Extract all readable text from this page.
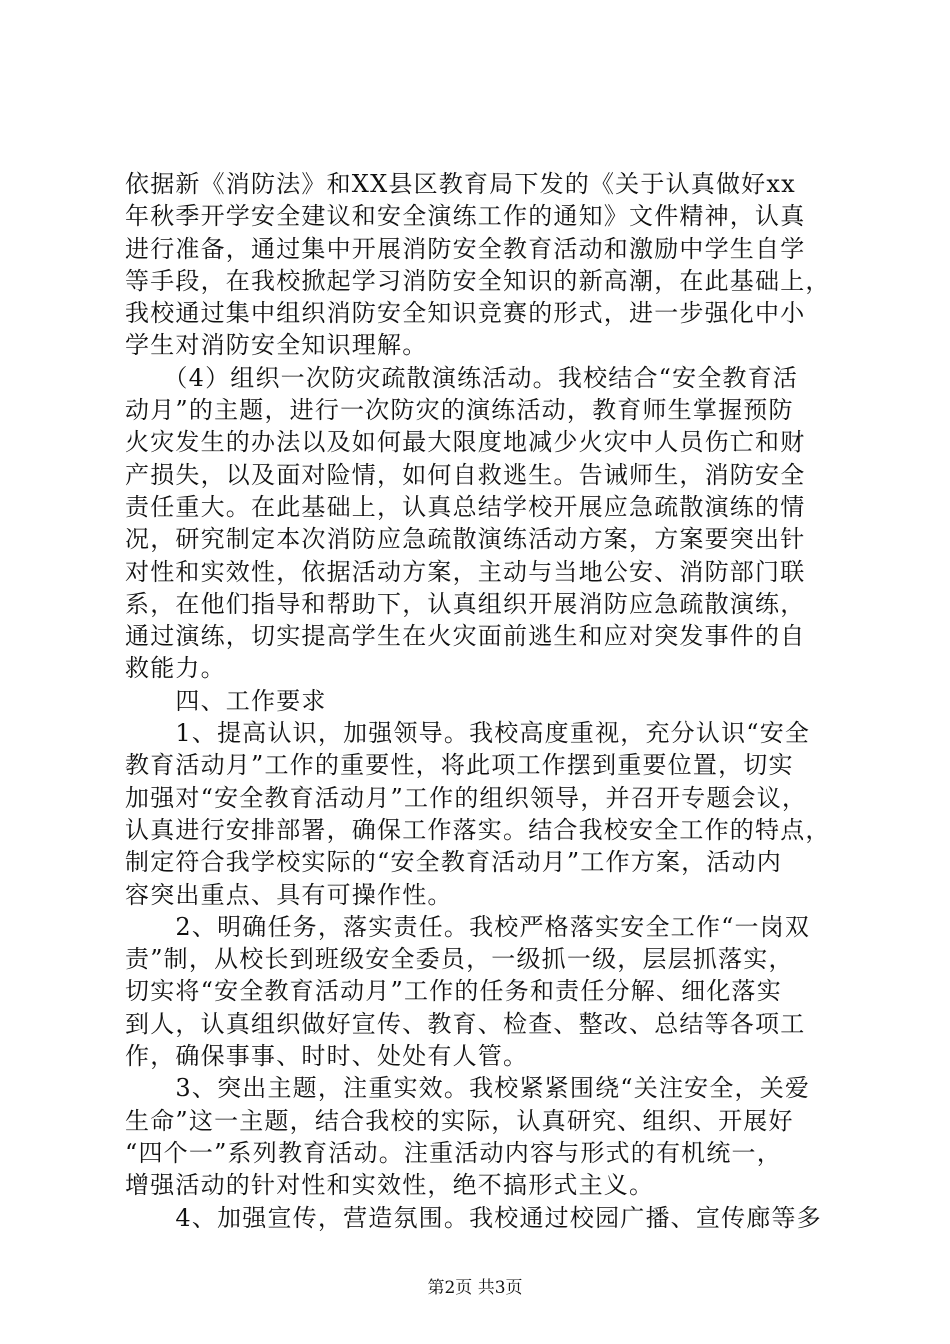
依据新《消防法》和XX县区教育局下发的《关于认真做好xx
年秋季开学安全建议和安全演练工作的通知》文件精神，认真
进行准备，通过集中开展消防安全教育活动和激励中学生自学
等手段，在我校掀起学习消防安全知识的新高潮，在此基础上，
我校通过集中组织消防安全知识竞赛的形式，进一步强化中小
学生对消防安全知识理解。
　　（4）组织一次防灾疏散演练活动。我校结合“安全教育活
动月”的主题，进行一次防灾的演练活动，教育师生掌握预防
火灾发生的办法以及如何最大限度地减少火灾中人员伤亡和财
产损失，以及面对险情，如何自救逃生。告诫师生，消防安全
责任重大。在此基础上，认真总结学校开展应急疏散演练的情
况，研究制定本次消防应急疏散演练活动方案，方案要突出针
对性和实效性，依据活动方案，主动与当地公安、消防部门联
系，在他们指导和帮助下，认真组织开展消防应急疏散演练，
通过演练，切实提高学生在火灾面前逃生和应对突发事件的自
救能力。
　　四、工作要求
　　1、提高认识，加强领导。我校高度重视，充分认识“安全
教育活动月”工作的重要性，将此项工作摆到重要位置，切实
加强对“安全教育活动月”工作的组织领导，并召开专题会议，
认真进行安排部署，确保工作落实。结合我校安全工作的特点，
制定符合我学校实际的“安全教育活动月”工作方案，活动内
容突出重点、具有可操作性。
　　2、明确任务，落实责任。我校严格落实安全工作“一岗双
责”制，从校长到班级安全委员，一级抓一级，层层抓落实，
切实将“安全教育活动月”工作的任务和责任分解、细化落实
到人，认真组织做好宣传、教育、检查、整改、总结等各项工
作，确保事事、时时、处处有人管。
　　3、突出主题，注重实效。我校紧紧围绕“关注安全，关爱
生命”这一主题，结合我校的实际，认真研究、组织、开展好
“四个一”系列教育活动。注重活动内容与形式的有机统一，
增强活动的针对性和实效性，绝不搞形式主义。
　　4、加强宣传，营造氛围。我校通过校园广播、宣传廊等多
第2页 共3页
